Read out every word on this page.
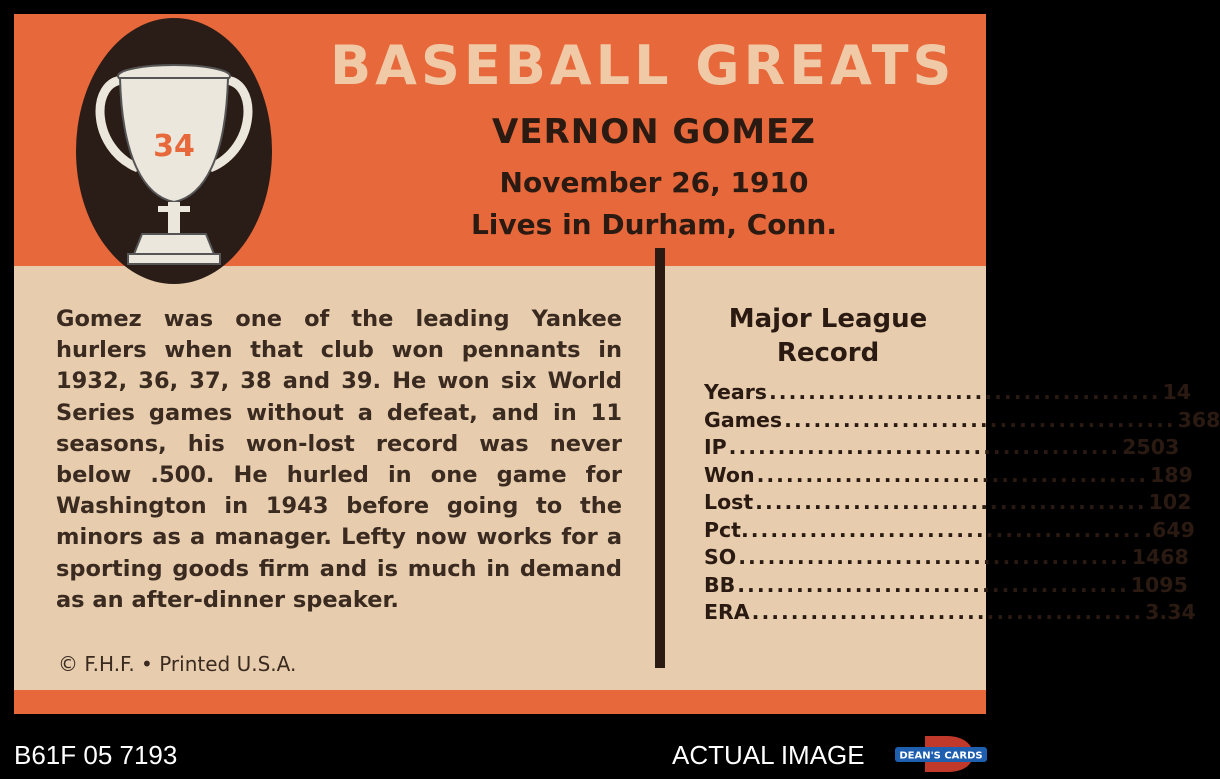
34
BASEBALL GREATS
VERNON GOMEZ
November 26, 1910
Lives in Durham, Conn.
Gomez was one of the leading Yankee hurlers when that club won pennants in 1932, 36, 37, 38 and 39. He won six World Series games without a defeat, and in 11 seasons, his won-lost record was never below .500. He hurled in one game for Washington in 1943 before going to the minors as a manager. Lefty now works for a sporting goods firm and is much in demand as an after-dinner speaker.
© F.H.F. • Printed U.S.A.
Major League Record
Years ........................................ 14
Games ........................................ 368
IP ........................................ 2503
Won ........................................ 189
Lost ........................................ 102
Pct. ........................................ .649
SO ........................................ 1468
BB ........................................ 1095
ERA ........................................ 3.34
B61F 05 7193	ACTUAL IMAGE	DEAN'S CARDS
